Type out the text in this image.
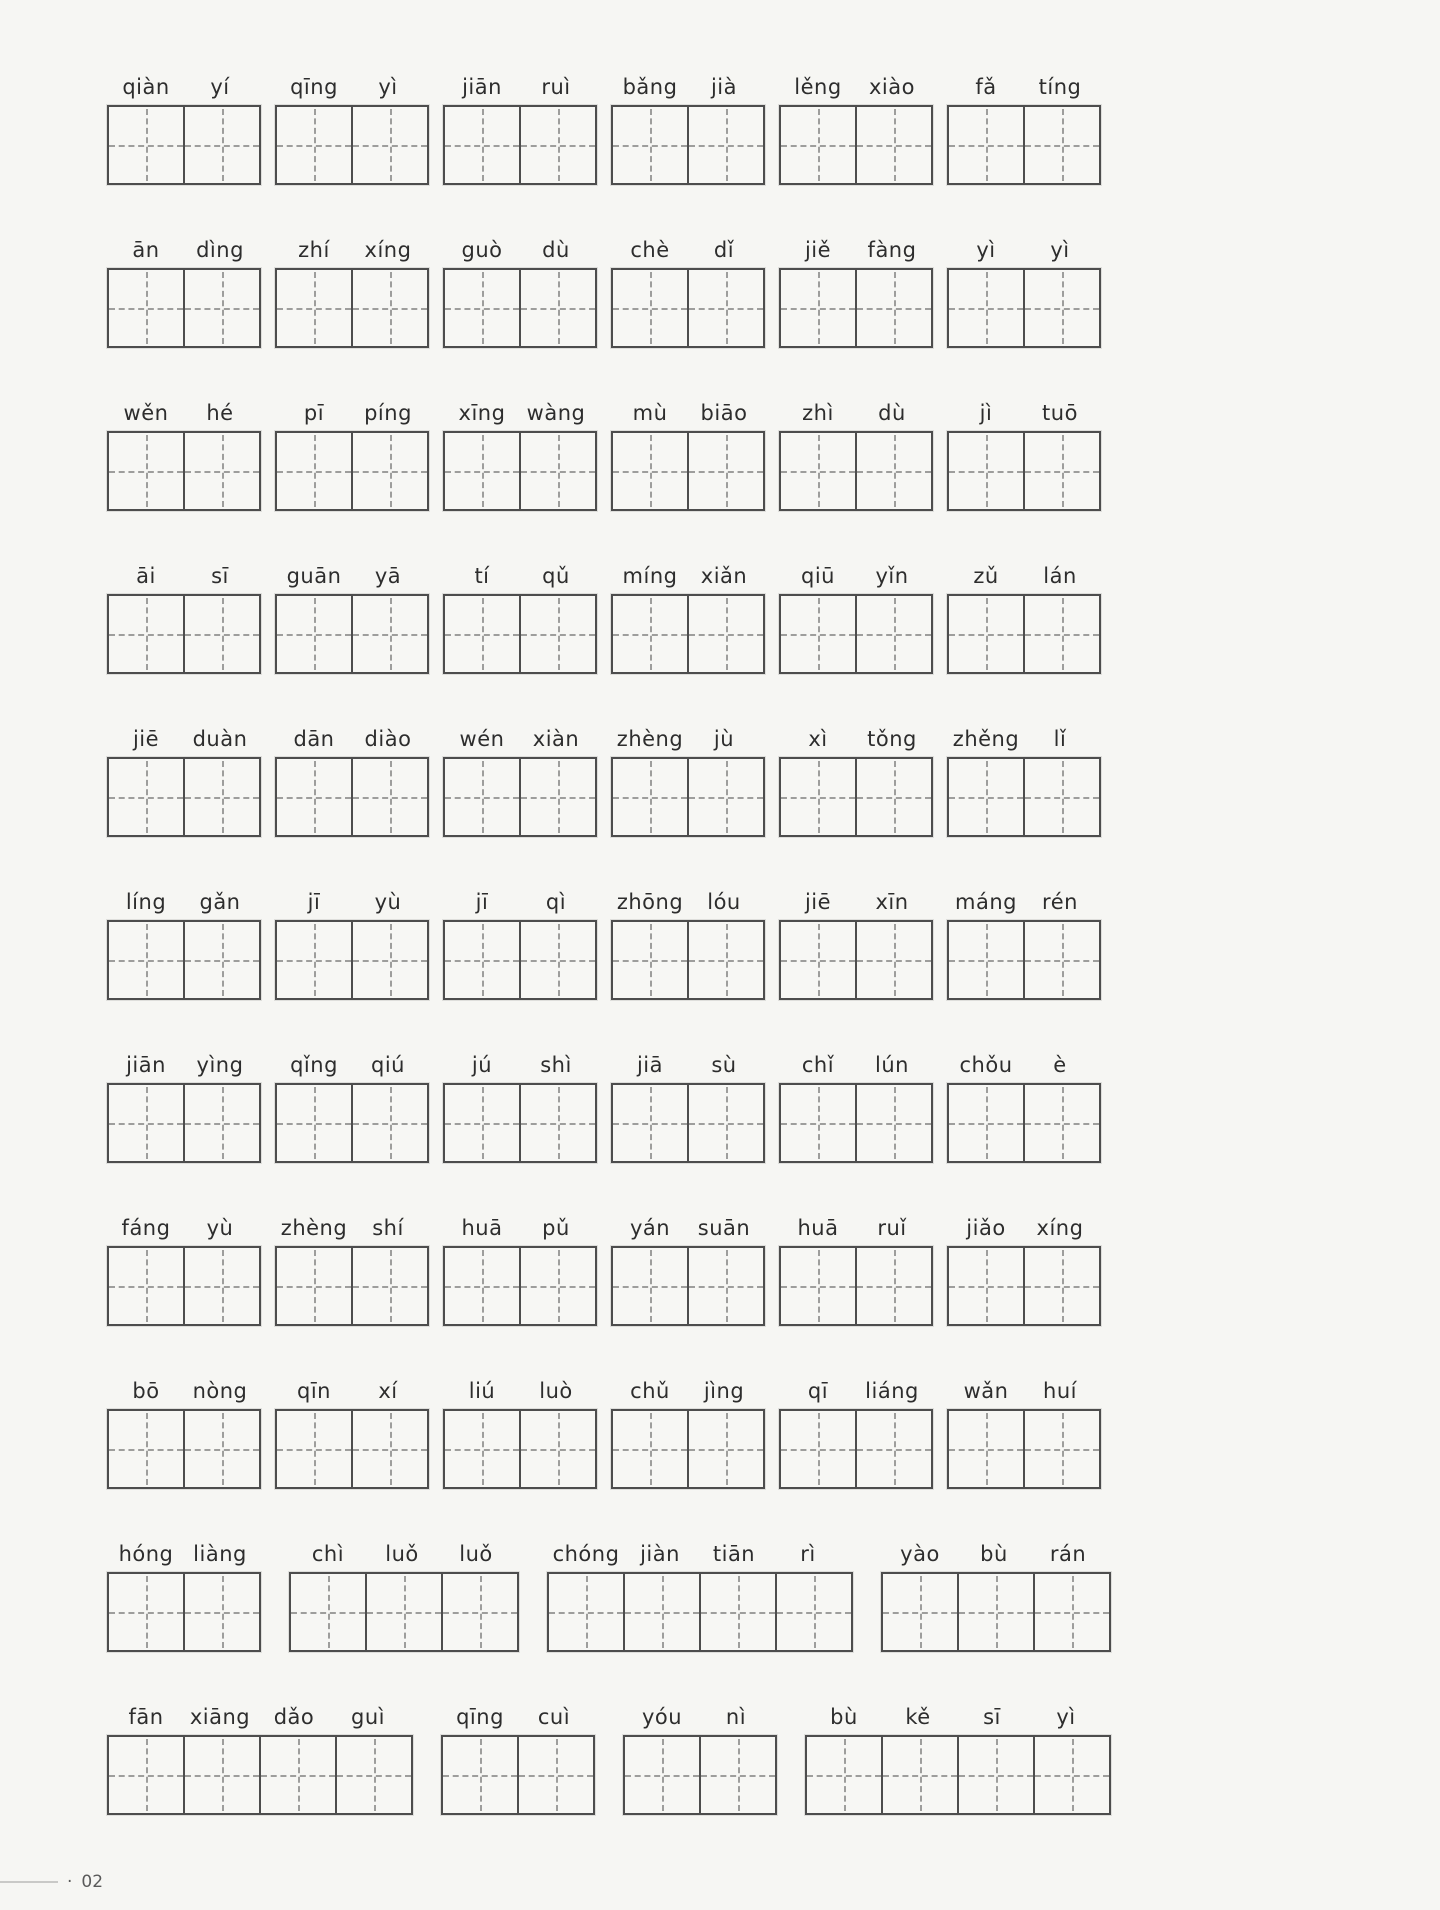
qiàn	yí	qīng	yì	jiān	ruì	bǎng	jià	lěng	xiào	fǎ	tíng
ān	dìng	zhí	xíng	guò	dù	chè	dǐ	jiě	fàng	yì	yì
wěn	hé	pī	píng	xīng	wàng	mù	biāo	zhì	dù	jì	tuō
āi	sī	guān	yā	tí	qǔ	míng	xiǎn	qiū	yǐn	zǔ	lán
jiē	duàn	dān	diào	wén	xiàn	zhèng	jù	xì	tǒng	zhěng	lǐ
líng	gǎn	jī	yù	jī	qì	zhōng	lóu	jiē	xīn	máng	rén
jiān	yìng	qǐng	qiú	jú	shì	jiā	sù	chǐ	lún	chǒu	è
fáng	yù	zhèng	shí	huā	pǔ	yán	suān	huā	ruǐ	jiǎo	xíng
bō	nòng	qīn	xí	liú	luò	chǔ	jìng	qī	liáng	wǎn	huí
hóng liàng	chì	luǒ	luǒ	chóng jiàn	tiān	rì	yào	bù	rán
fān	xiāng	dǎo	guì	qīng	cuì	yóu	nì	bù	kě	sī	yì
· 02
